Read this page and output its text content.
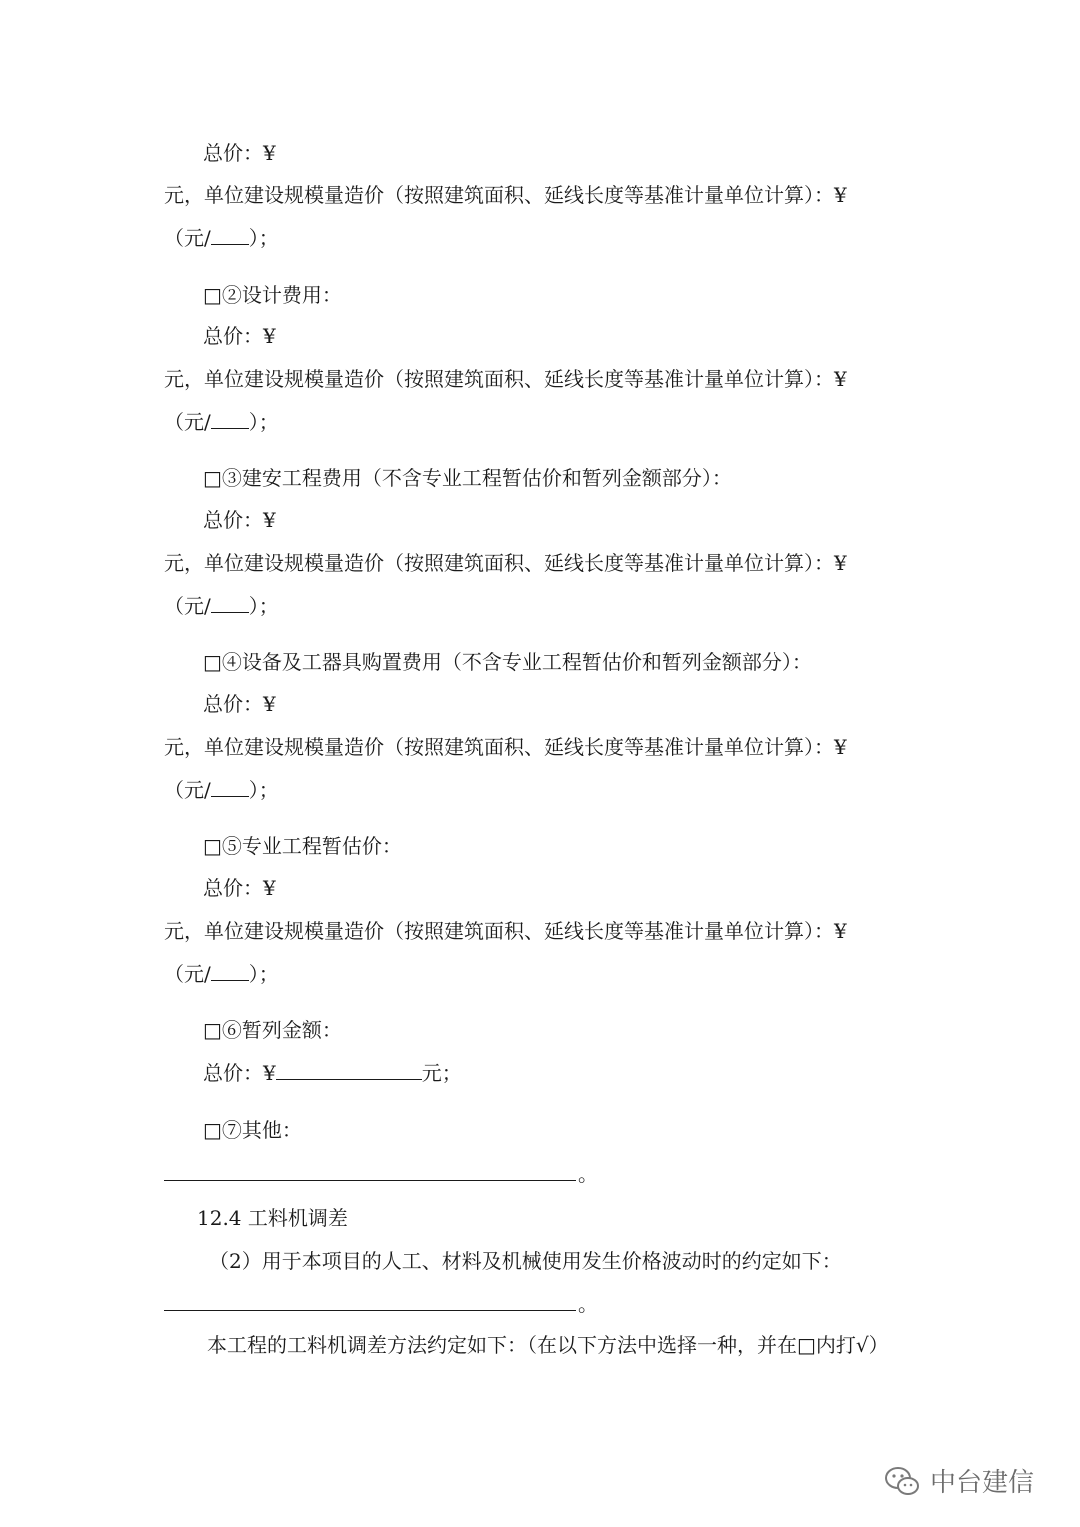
总价：¥
元，单位建设规模量造价（按照建筑面积、延线长度等基准计量单位计算）：¥
（元/ ）；
□②设计费用：
总价：¥
元，单位建设规模量造价（按照建筑面积、延线长度等基准计量单位计算）：¥
（元/ ）；
□③建安工程费用（不含专业工程暂估价和暂列金额部分）：
总价：¥
元，单位建设规模量造价（按照建筑面积、延线长度等基准计量单位计算）：¥
（元/ ）；
□④设备及工器具购置费用（不含专业工程暂估价和暂列金额部分）：
总价：¥
元，单位建设规模量造价（按照建筑面积、延线长度等基准计量单位计算）：¥
（元/ ）；
□⑤专业工程暂估价：
总价：¥
元，单位建设规模量造价（按照建筑面积、延线长度等基准计量单位计算）：¥
（元/ ）；
□⑥暂列金额：
总价：¥	元；
□⑦其他：
。
12.4 工料机调差
（2）用于本项目的人工、材料及机械使用发生价格波动时的约定如下：
。
本工程的工料机调差方法约定如下：（在以下方法中选择一种，并在□内打√）
中台建信
